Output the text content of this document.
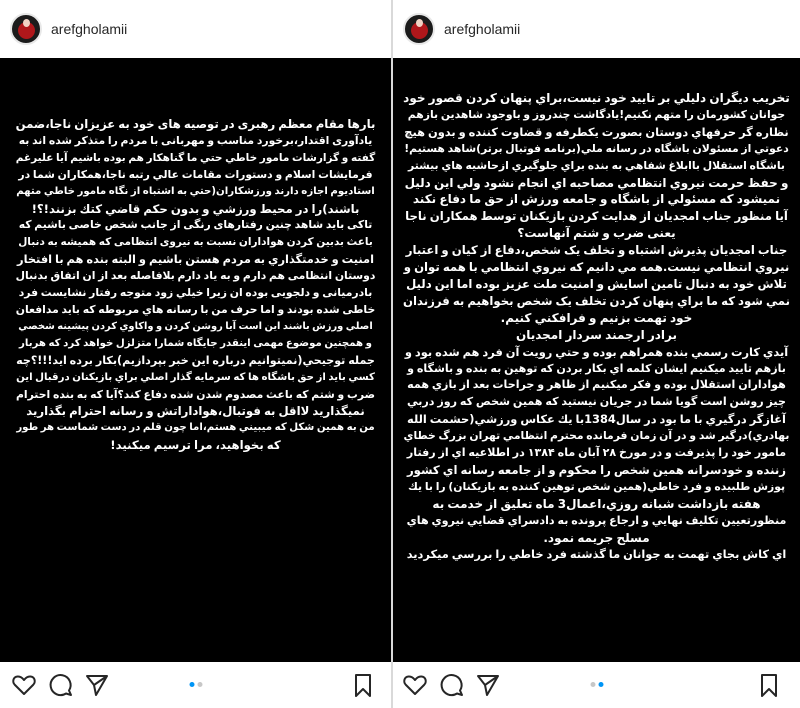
arefgholamii

بارها مقام معظم رهبری در توصیه های خود به عزیزان ناجا،ضمن

یادآوری اقتدار،برخورد مناسب و مهربانی با مردم را متذکر شده اند به

گفته و گزارشات مامور خاطي حتي ما گناهکار هم بوده باشيم آيا عليرغم

فرمايشات اسلام و دستورات مقامات عالي رتبه ناجا،همکاران شما در

استاديوم اجازه دارند ورزشکاران(حتي به اشتباه از نگاه مامور خاطي متهم

باشند)را در محيط ورزشي و بدون حکم قاضي کتك بزنند!؟!

تاکی باید شاهد چنین رفتارهای رنگی از جانب شخص خاصی باشیم که

باعث بدبين کردن هواداران نسبت به نيروی انتظامی که همیشه به دنبال

امنیت و خدمتگذاري به مردم هستن باشیم و البته بنده هم با افتخار

دوستان انتظامی هم دارم و به یاد دارم بلافاصله بعد از ان اتفاق بدنبال

بادرمیانی و دلجویی بوده ان زیرا خیلي زود متوجه رفتار نشایست فرد

خاطی شده بودند و اما حرف من با رسانه هاي مربوطه که باید مدافعان

اصلي ورزش باشند اين است آيا روشن کردن و واکاوي کردن پيشينه شخصي

و همچنین موضوع مهمی اینقدر جایگاه شمارا متزلزل خواهد کرد که هربار

جمله توجیحي(نميتوانيم درباره اين خبر بپردازيم)بکار برده ايد!!!؟چه

کسي بايد از حق باشگاه ها که سرمايه گذار اصلي براي بازيکنان درقبال اين

ضرب و شتم که باعث مصدوم شدن شده دفاع کند؟آيا که به بنده احترام

نميگذاريد لااقل به فوتبال،هواداراتش و رسانه احترام بگذاريد

من به همين شکل که ميبيني هستم،اما چون قلم در دست شماست هر طور

که بخواهيد، مرا ترسيم ميکنيد!

arefgholamii

تخریب ديگران دليلي بر تاييد خود نيست،براي پنهان کردن قصور خود

جوانان کشورمان را متهم نکنيم!يادگاشت چندروز و باوجود شاهدين بازهم

نظاره گر حرفهاي دوستان بصورت يکطرفه و قضاوت کننده و بدون هيچ

دعوتي از مسئولان باشگاه در رسانه ملي(برنامه فوتبال برتر)شاهد هستيم!

باشگاه استقلال باابلاغ شفاهي به بنده براي جلوگيري ازحاشيه هاي بيشتر

و حفظ حرمت نيروي انتظامي مصاحبه اي انجام نشود ولي اين دليل

نميشود که مسئولي از باشگاه و جامعه ورزش از حق ما دفاع نکند

آیا منظور جناب امجدیان از هدایت کردن بازیکنان توسط همکاران ناجا

یعنی ضرب و شتم آنهاست؟

جناب امجدیان پذیرش اشتباه و تخلف يک شخص،دفاع از کيان و اعتبار

نيروي انتظامي نيست.همه مي دانيم که نيروي انتظامي با همه توان و

تلاش خود به دنبال تامين اسايش و امنيت ملت عزيز بوده اما اين دليل

نمي شود که ما براي پنهان کردن تخلف يک شخص بخواهيم به فرزندان

خود تهمت بزنيم و فرافکني کنيم.

برادر ارجمند سردار امجدیان

آيدي کارت رسمي بنده همراهم بوده و حتي رويت آن فرد هم شده بود و

بازهم تاييد ميکنيم ايشان کلمه اي بکار بردن که توهين به بنده و باشگاه و

هواداران استقلال بوده و فکر ميکنيم از ظاهر و جراحات بعد از بازي همه

چيز روشن است گويا شما در جريان نيستيد که همين شخص که روز دربي

آغازگر درگيري با ما بود در سال1384با يك عكاس ورزشي(حشمت الله

بهادري)درگير شد و در آن زمان فرمانده محترم انتظامي تهران بزرگ خطاي

مامور خود را پذيرفت و در مورخ ۲۸ آبان ماه ۱۳۸۴ در اطلاعيه اي از رفتار

زننده و خودسرانه همين شخص را محکوم و از جامعه رسانه اي کشور

پوزش طلبيده و فرد خاطي(همين شخص توهين کننده به بازيکنان) را با يك

هفته بازداشت شبانه روزي،اعمال3 ماه تعليق از خدمت به

منظورتعيين تکليف نهايي و ارجاع پرونده به دادسراي قضايي نيروي هاي

مسلح جريمه نمود.

اي کاش بجاي تهمت به جوانان ما گذشته فرد خاطي را بررسي ميکرديد
